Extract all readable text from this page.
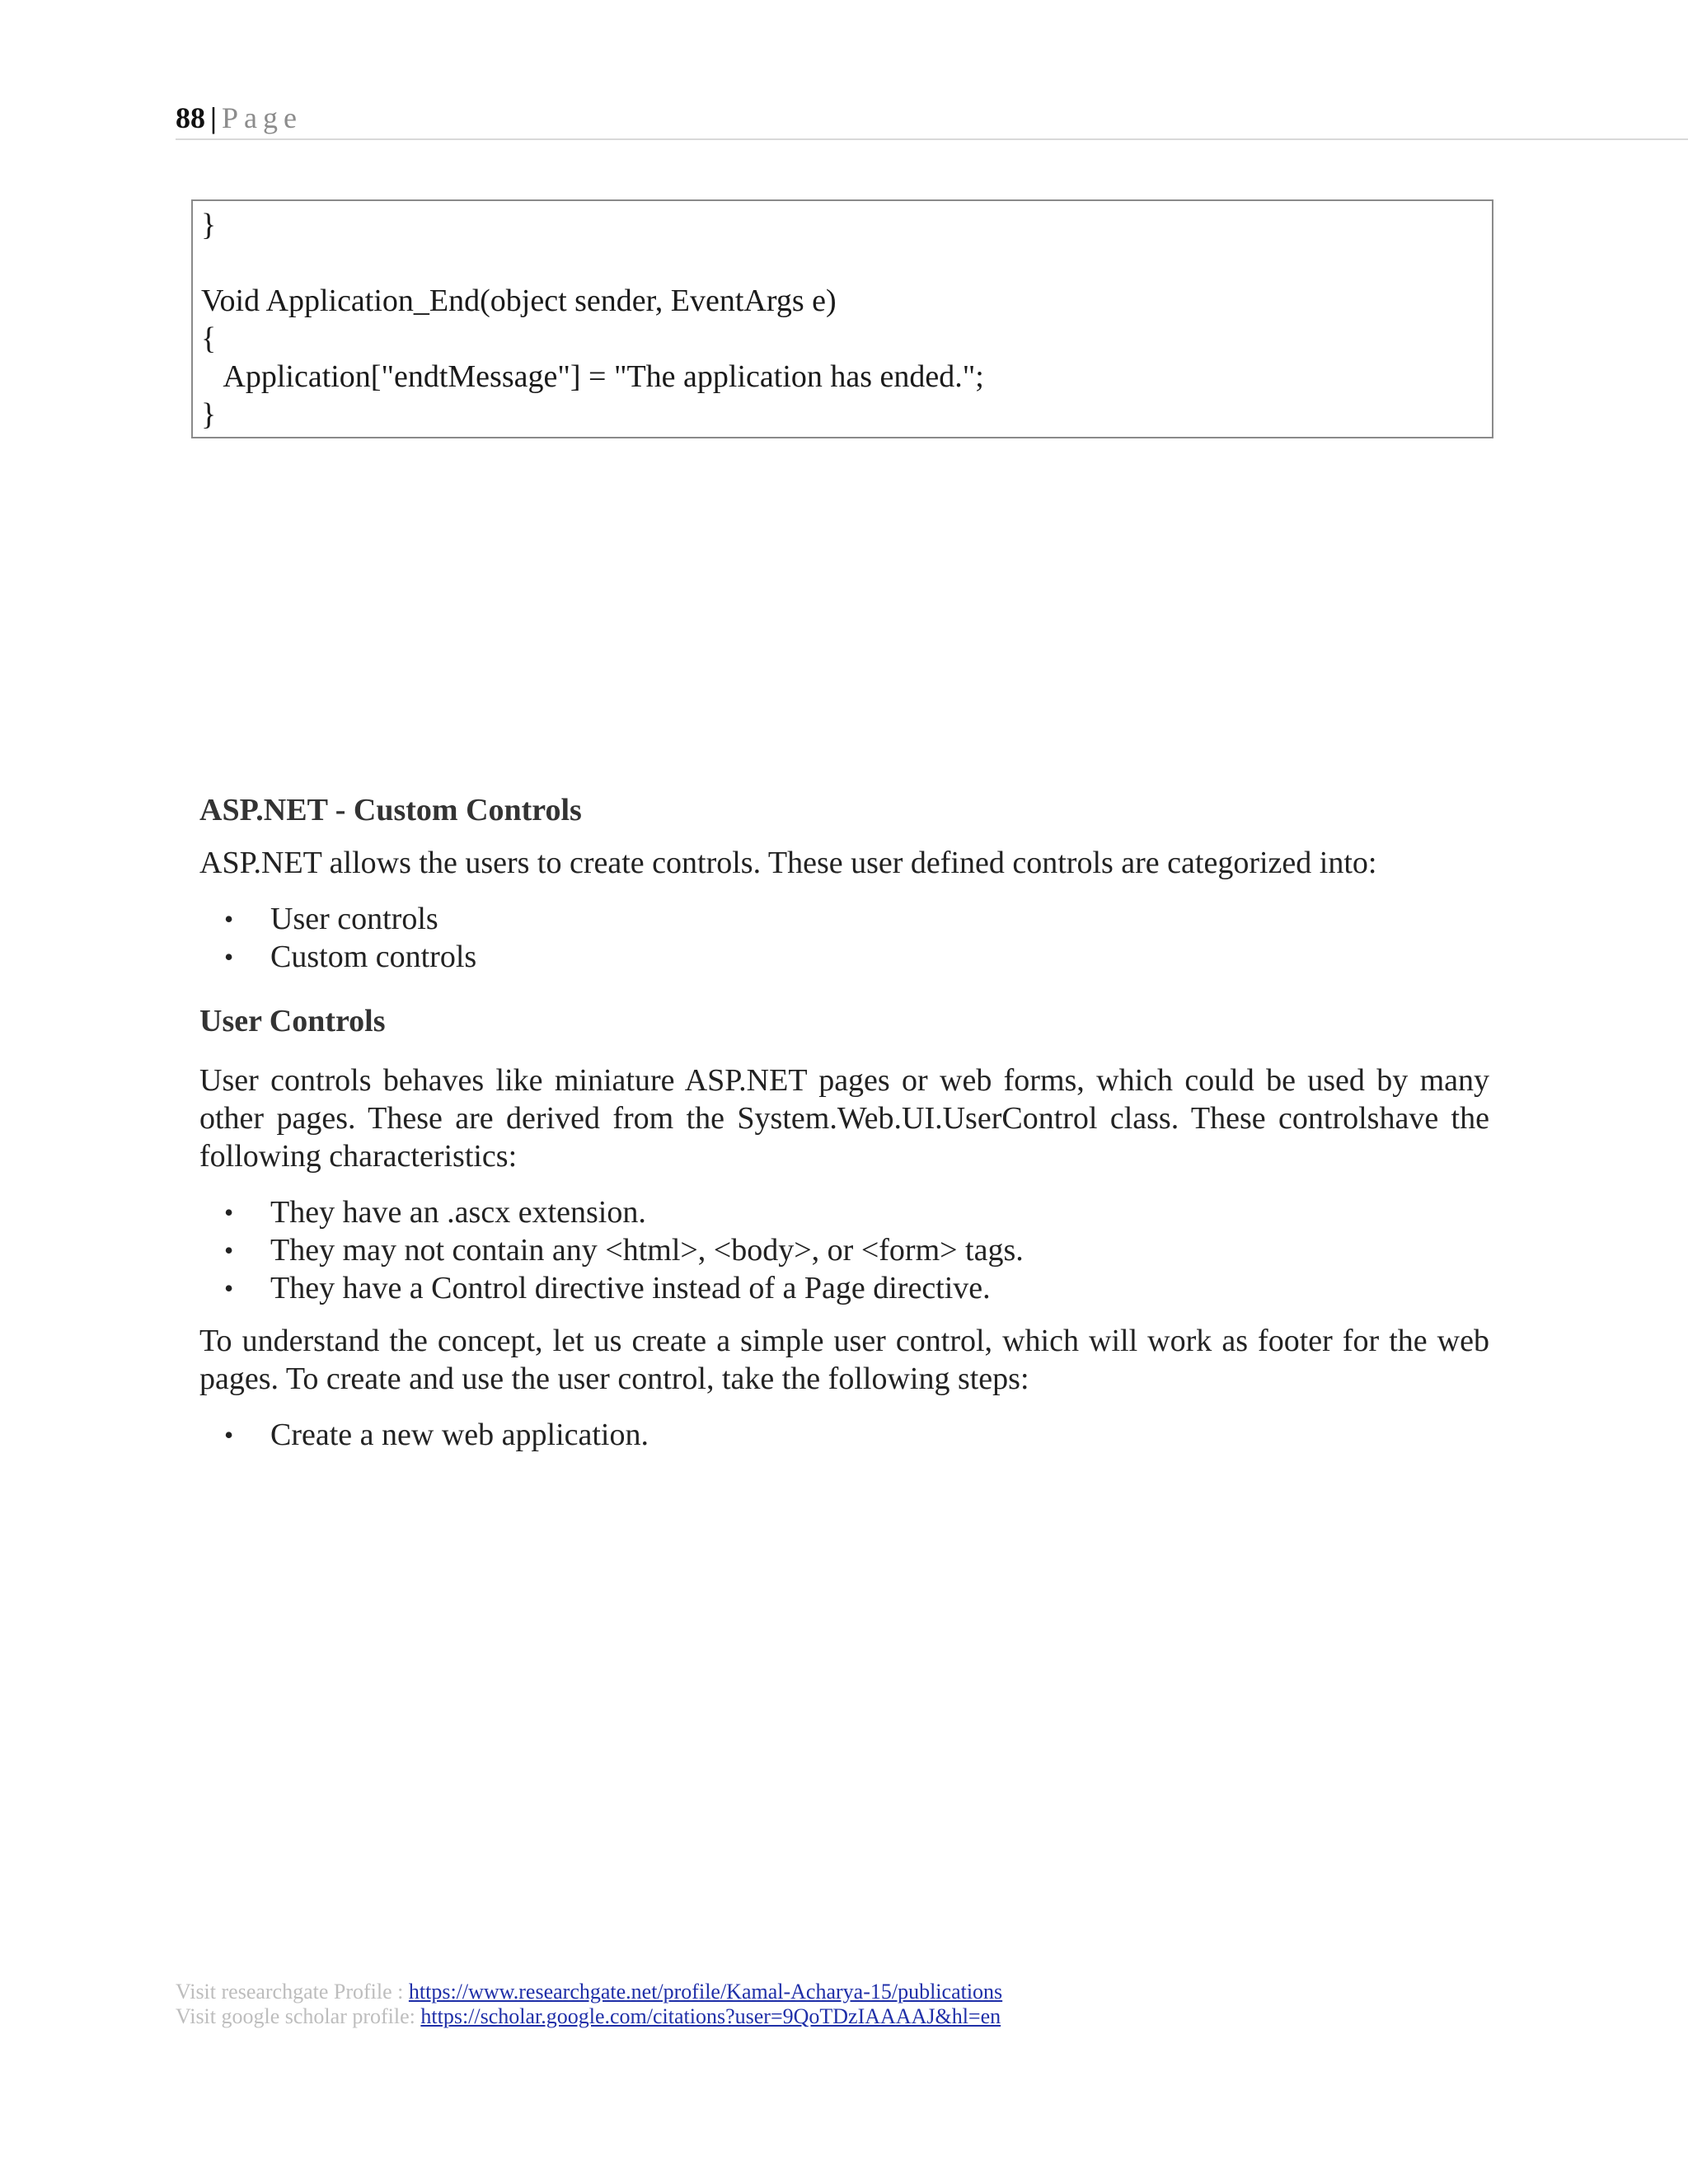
88 | Page
}
Void Application_End(object sender, EventArgs e)
{
Application["endtMessage"] = "The application has ended.";
}
ASP.NET - Custom Controls

ASP.NET allows the users to create controls. These user defined controls are categorized into:

• User controls
• Custom controls
User Controls

User controls behaves like miniature ASP.NET pages or web forms, which could be used by many other pages. These are derived from the System.Web.UI.UserControl class. These controlshave the following characteristics:

• They have an .ascx extension.
• They may not contain any <html>, <body>, or <form> tags.
• They have a Control directive instead of a Page directive.

To understand the concept, let us create a simple user control, which will work as footer for the web pages. To create and use the user control, take the following steps:

• Create a new web application.
Visit researchgate Profile : https://www.researchgate.net/profile/Kamal-Acharya-15/publications
Visit google scholar profile: https://scholar.google.com/citations?user=9QoTDzIAAAAJ&hl=en
